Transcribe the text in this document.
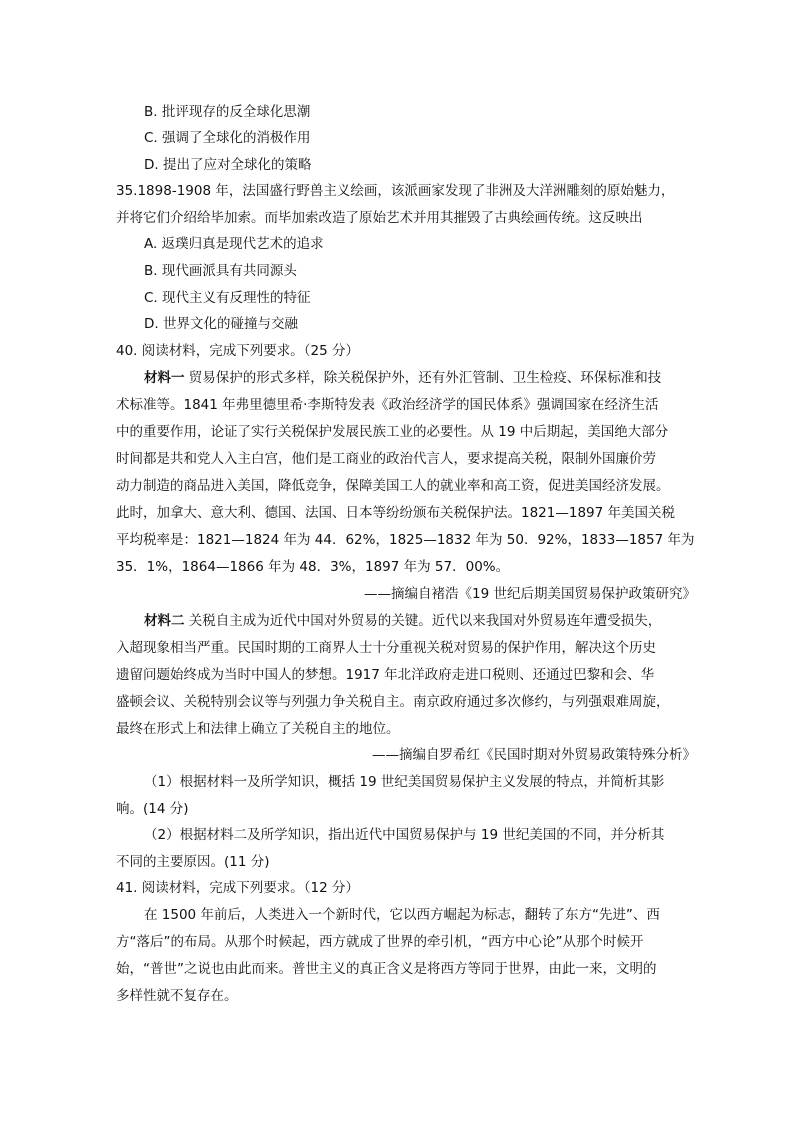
B. 批评现存的反全球化思潮
C. 强调了全球化的消极作用
D. 提出了应对全球化的策略
35.1898-1908 年，法国盛行野兽主义绘画，该派画家发现了非洲及大洋洲雕刻的原始魅力，
并将它们介绍给毕加索。而毕加索改造了原始艺术并用其摧毁了古典绘画传统。这反映出
A. 返璞归真是现代艺术的追求
B. 现代画派具有共同源头
C. 现代主义有反理性的特征
D. 世界文化的碰撞与交融
40. 阅读材料，完成下列要求。（25 分）
材料一 贸易保护的形式多样，除关税保护外，还有外汇管制、卫生检疫、环保标准和技
术标准等。1841 年弗里德里希·李斯特发表《政治经济学的国民体系》强调国家在经济生活
中的重要作用，论证了实行关税保护发展民族工业的必要性。从 19 中后期起，美国绝大部分
时间都是共和党人入主白宫，他们是工商业的政治代言人，要求提高关税，限制外国廉价劳
动力制造的商品进入美国，降低竞争，保障美国工人的就业率和高工资，促进美国经济发展。
此时，加拿大、意大利、德国、法国、日本等纷纷颁布关税保护法。1821—1897 年美国关税
平均税率是：1821—1824 年为 44．62%，1825—1832 年为 50．92%，1833—1857 年为
35．1%，1864—1866 年为 48．3%，1897 年为 57．00%。
——摘编自褚浩《19 世纪后期美国贸易保护政策研究》
材料二 关税自主成为近代中国对外贸易的关键。近代以来我国对外贸易连年遭受损失，
入超现象相当严重。民国时期的工商界人士十分重视关税对贸易的保护作用，解决这个历史
遗留问题始终成为当时中国人的梦想。1917 年北洋政府走进口税则、还通过巴黎和会、华
盛顿会议、关税特别会议等与列强力争关税自主。南京政府通过多次修约，与列强艰难周旋，
最终在形式上和法律上确立了关税自主的地位。
——摘编自罗希红《民国时期对外贸易政策特殊分析》
（1）根据材料一及所学知识，概括 19 世纪美国贸易保护主义发展的特点，并简析其影
响。(14 分)
（2）根据材料二及所学知识，指出近代中国贸易保护与 19 世纪美国的不同，并分析其
不同的主要原因。(11 分)
41. 阅读材料，完成下列要求。（12 分）
在 1500 年前后，人类进入一个新时代，它以西方崛起为标志，翻转了东方“先进”、西
方“落后”的布局。从那个时候起，西方就成了世界的牵引机，“西方中心论”从那个时候开
始，“普世”之说也由此而来。普世主义的真正含义是将西方等同于世界，由此一来，文明的
多样性就不复存在。
